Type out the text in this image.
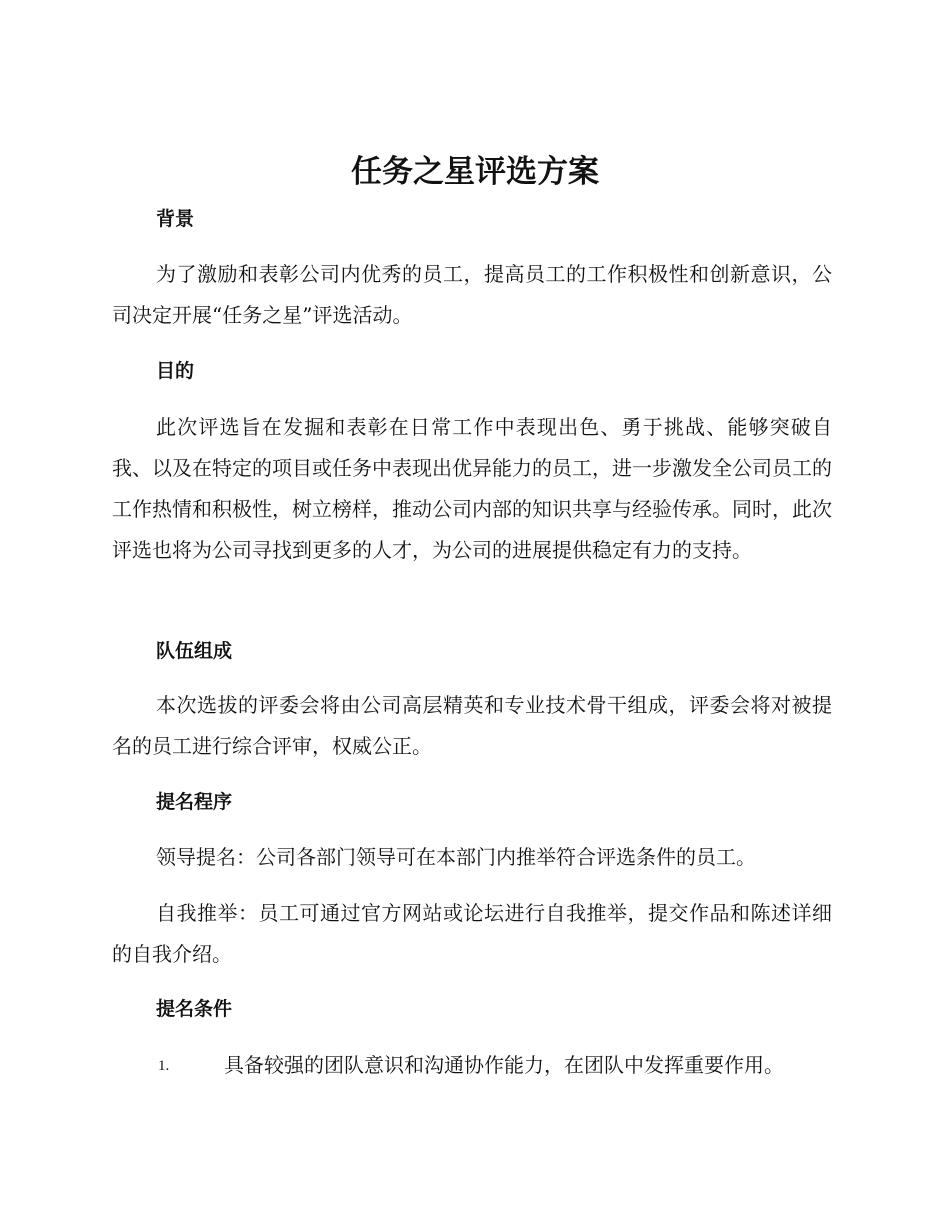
任务之星评选方案
背景

为了激励和表彰公司内优秀的员工，提高员工的工作积极性和创新意识，公司决定开展“任务之星”评选活动。

目的

此次评选旨在发掘和表彰在日常工作中表现出色、勇于挑战、能够突破自我、以及在特定的项目或任务中表现出优异能力的员工，进一步激发全公司员工的工作热情和积极性，树立榜样，推动公司内部的知识共享与经验传承。同时，此次评选也将为公司寻找到更多的人才，为公司的进展提供稳定有力的支持。

队伍组成

本次选拔的评委会将由公司高层精英和专业技术骨干组成，评委会将对被提名的员工进行综合评审，权威公正。

提名程序

领导提名：公司各部门领导可在本部门内推举符合评选条件的员工。

自我推举：员工可通过官方网站或论坛进行自我推举，提交作品和陈述详细的自我介绍。

提名条件
1.	具备较强的团队意识和沟通协作能力，在团队中发挥重要作用。
